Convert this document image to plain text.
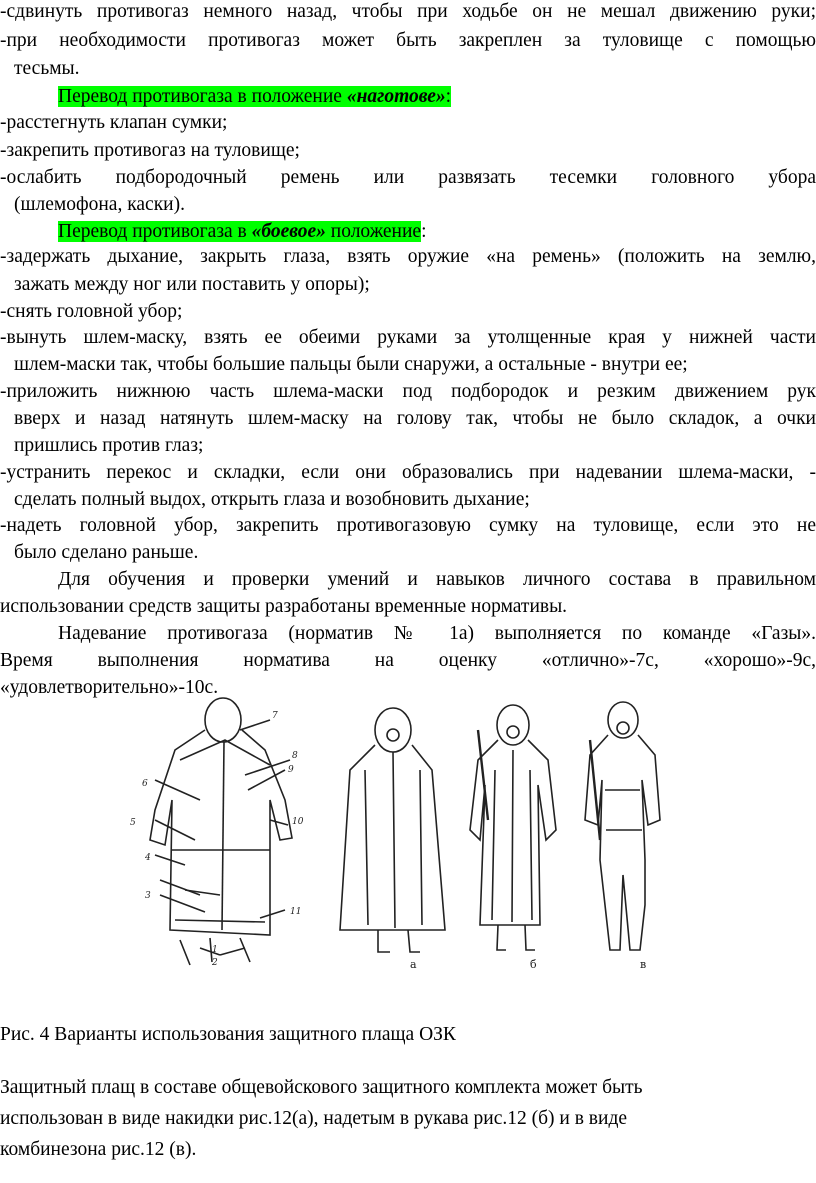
-сдвинуть противогаз немного назад, чтобы при ходьбе он не мешал движению руки;
-при необходимости противогаз может быть закреплен за туловище с помощью
тесьмы.
Перевод противогаза в положение «наготове»:
-расстегнуть клапан сумки;
-закрепить противогаз на туловище;
-ослабить подбородочный ремень или развязать тесемки головного убора
(шлемофона, каски).
Перевод противогаза в «боевое» положение:
-задержать дыхание, закрыть глаза, взять оружие «на ремень» (положить на землю,
зажать между ног или поставить у опоры);
-снять головной убор;
-вынуть шлем-маску, взять ее обеими руками за утолщенные края у нижней части
шлем-маски так, чтобы большие пальцы были снаружи, а остальные - внутри ее;
-приложить нижнюю часть шлема-маски под подбородок и резким движением рук
вверх и назад натянуть шлем-маску на голову так, чтобы не было складок, а очки
пришлись против глаз;
-устранить перекос и складки, если они образовались при надевании шлема-маски, -
сделать полный выдох, открыть глаза и возобновить дыхание;
-надеть головной убор, закрепить противогазовую сумку на туловище, если это не
было сделано раньше.
Для обучения и проверки умений и навыков личного состава в правильном
использовании средств защиты разработаны временные нормативы.
Надевание противогаза (норматив № 1а) выполняется по команде «Газы».
Время выполнения норматива на оценку «отлично»-7с, «хорошо»-9с,
«удовлетворительно»-10с.
7
8
9
6
5	10
4
3
11
1
2	а	б	в
Рис. 4 Варианты использования защитного плаща ОЗК
Защитный плащ в составе общевойскового защитного комплекта может быть
использован в виде накидки рис.12(а), надетым в рукава рис.12 (б) и в виде
комбинезона рис.12 (в).
